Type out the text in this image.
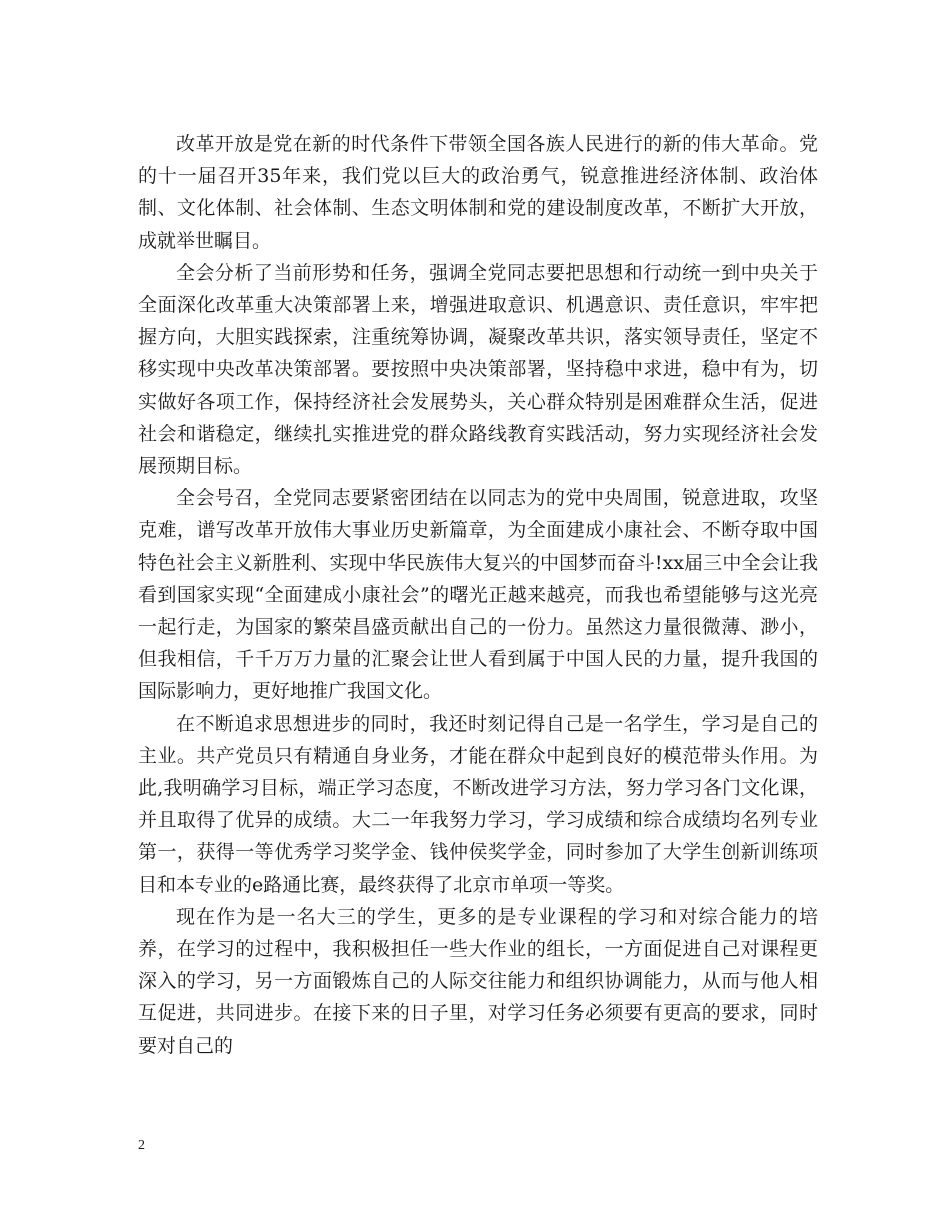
改革开放是党在新的时代条件下带领全国各族人民进行的新的伟大革命。党的十一届召开35年来，我们党以巨大的政治勇气，锐意推进经济体制、政治体制、文化体制、社会体制、生态文明体制和党的建设制度改革，不断扩大开放，成就举世瞩目。

全会分析了当前形势和任务，强调全党同志要把思想和行动统一到中央关于全面深化改革重大决策部署上来，增强进取意识、机遇意识、责任意识，牢牢把握方向，大胆实践探索，注重统筹协调，凝聚改革共识，落实领导责任，坚定不移实现中央改革决策部署。要按照中央决策部署，坚持稳中求进，稳中有为，切实做好各项工作，保持经济社会发展势头，关心群众特别是困难群众生活，促进社会和谐稳定，继续扎实推进党的群众路线教育实践活动，努力实现经济社会发展预期目标。

全会号召，全党同志要紧密团结在以同志为的党中央周围，锐意进取，攻坚克难，谱写改革开放伟大事业历史新篇章，为全面建成小康社会、不断夺取中国特色社会主义新胜利、实现中华民族伟大复兴的中国梦而奋斗!xx届三中全会让我看到国家实现“全面建成小康社会”的曙光正越来越亮，而我也希望能够与这光亮一起行走，为国家的繁荣昌盛贡献出自己的一份力。虽然这力量很微薄、渺小，但我相信，千千万万力量的汇聚会让世人看到属于中国人民的力量，提升我国的国际影响力，更好地推广我国文化。

在不断追求思想进步的同时，我还时刻记得自己是一名学生，学习是自己的主业。共产党员只有精通自身业务，才能在群众中起到良好的模范带头作用。为此,我明确学习目标，端正学习态度，不断改进学习方法，努力学习各门文化课，并且取得了优异的成绩。大二一年我努力学习，学习成绩和综合成绩均名列专业第一，获得一等优秀学习奖学金、钱仲侯奖学金，同时参加了大学生创新训练项目和本专业的e路通比赛，最终获得了北京市单项一等奖。

现在作为是一名大三的学生，更多的是专业课程的学习和对综合能力的培养，在学习的过程中，我积极担任一些大作业的组长，一方面促进自己对课程更深入的学习，另一方面锻炼自己的人际交往能力和组织协调能力，从而与他人相互促进，共同进步。在接下来的日子里，对学习任务必须要有更高的要求，同时要对自己的

2
